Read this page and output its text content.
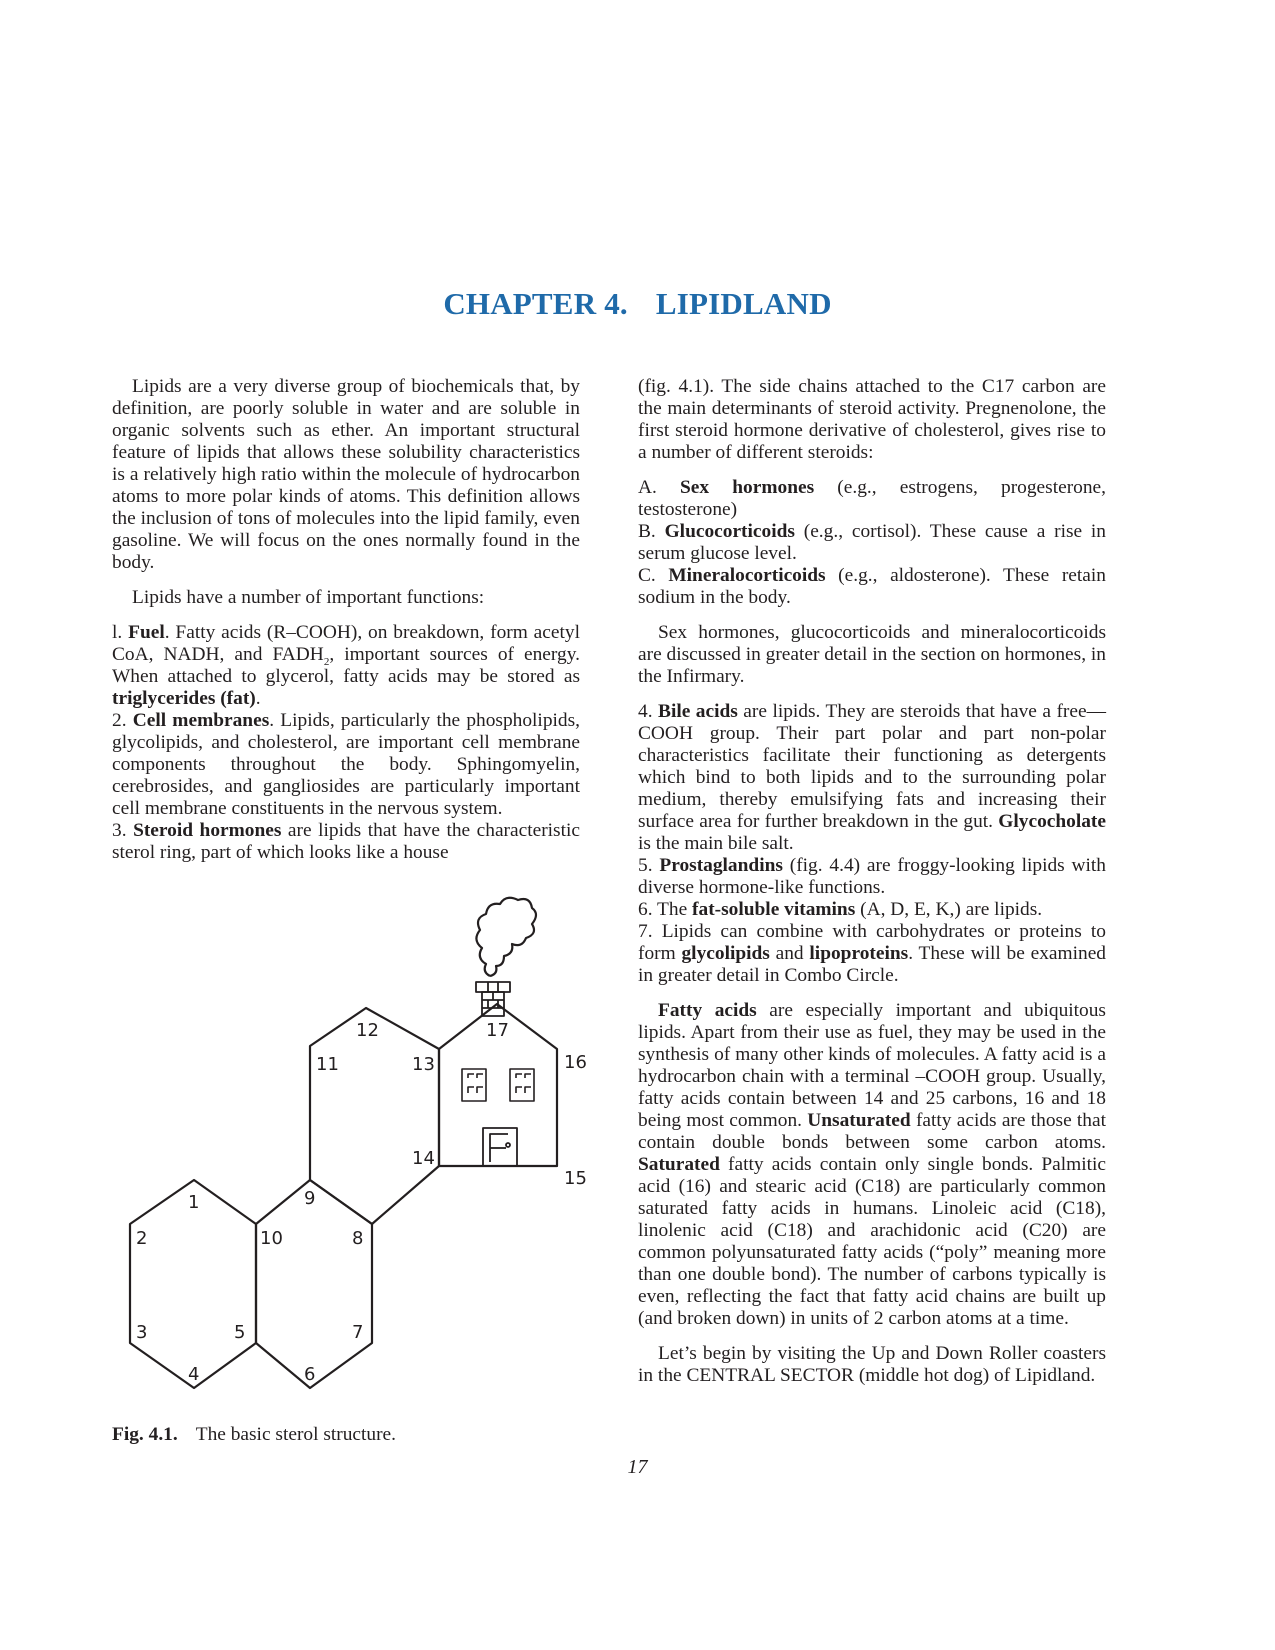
CHAPTER 4. LIPIDLAND

Lipids are a very diverse group of biochemicals that, by definition, are poorly soluble in water and are soluble in organic solvents such as ether. An important structural feature of lipids that allows these solubility characteristics is a relatively high ratio within the molecule of hydrocarbon atoms to more polar kinds of atoms. This definition allows the inclusion of tons of molecules into the lipid family, even gasoline. We will focus on the ones normally found in the body.

Lipids have a number of important functions:

l. Fuel. Fatty acids (R–COOH), on breakdown, form acetyl CoA, NADH, and $FADH_2$, important sources of energy. When attached to glycerol, fatty acids may be stored as triglycerides (fat).

2. Cell membranes. Lipids, particularly the phospholipids, glycolipids, and cholesterol, are important cell membrane components throughout the body. Sphingomyelin, cerebrosides, and gangliosides are particularly important cell membrane constituents in the nervous system.

3. Steroid hormones are lipids that have the characteristic sterol ring, part of which looks like a house

(fig. 4.1). The side chains attached to the C17 carbon are the main determinants of steroid activity. Pregnenolone, the first steroid hormone derivative of cholesterol, gives rise to a number of different steroids:

A. Sex hormones (e.g., estrogens, progesterone, testosterone)

B. Glucocorticoids (e.g., cortisol). These cause a rise in serum glucose level.

C. Mineralocorticoids (e.g., aldosterone). These retain sodium in the body.

Sex hormones, glucocorticoids and mineralocorticoids are discussed in greater detail in the section on hormones, in the Infirmary.

4. Bile acids are lipids. They are steroids that have a free—COOH group. Their part polar and part non-polar characteristics facilitate their functioning as detergents which bind to both lipids and to the surrounding polar medium, thereby emulsifying fats and increasing their surface area for further breakdown in the gut. Glycocholate is the main bile salt.

5. Prostaglandins (fig. 4.4) are froggy-looking lipids with diverse hormone-like functions.

6. The fat-soluble vitamins (A, D, E, K,) are lipids.

7. Lipids can combine with carbohydrates or proteins to form glycolipids and lipoproteins. These will be examined in greater detail in Combo Circle.

Fatty acids are especially important and ubiquitous lipids. Apart from their use as fuel, they may be used in the synthesis of many other kinds of molecules. A fatty acid is a hydrocarbon chain with a terminal –COOH group. Usually, fatty acids contain between 14 and 25 carbons, 16 and 18 being most common. Unsaturated fatty acids are those that contain double bonds between some carbon atoms. Saturated fatty acids contain only single bonds. Palmitic acid (16) and stearic acid (C18) are particularly common saturated fatty acids in humans. Linoleic acid (C18), linolenic acid (C18) and arachidonic acid (C20) are common polyunsaturated fatty acids (“poly” meaning more than one double bond). The number of carbons typically is even, reflecting the fact that fatty acid chains are built up (and broken down) in units of 2 carbon atoms at a time.

Let’s begin by visiting the Up and Down Roller coasters in the CENTRAL SECTOR (middle hot dog) of Lipidland.

1
2
3
4
5
6
7
8
9
10
11
12
13
14
15
16
17
Fig. 4.1. The basic sterol structure.
17
